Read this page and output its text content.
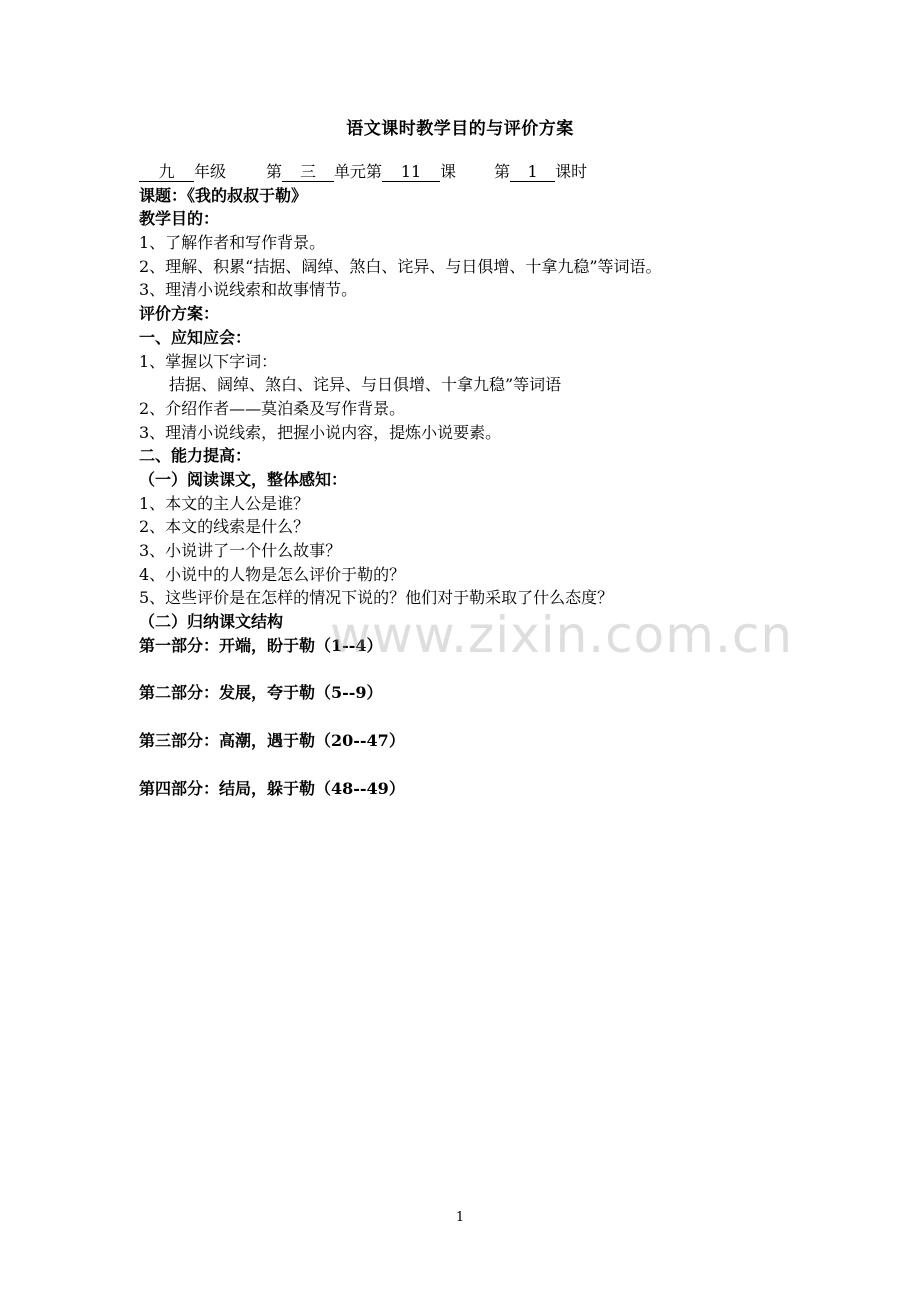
语文课时教学目的与评价方案
九 年级	第 三 单元第 11 课 第 1 课时
课题：《我的叔叔于勒》
教学目的：
1、了解作者和写作背景。
2、理解、积累“拮据、阔绰、煞白、诧异、与日俱增、十拿九稳”等词语。
3、理清小说线索和故事情节。
评价方案：
一、应知应会：
1、掌握以下字词：
拮据、阔绰、煞白、诧异、与日俱增、十拿九稳”等词语
2、介绍作者——莫泊桑及写作背景。
3、理清小说线索，把握小说内容，提炼小说要素。
二、能力提高：
（一）阅读课文，整体感知：
1、本文的主人公是谁？
2、本文的线索是什么？
3、小说讲了一个什么故事？
4、小说中的人物是怎么评价于勒的？
5、这些评价是在怎样的情况下说的？他们对于勒采取了什么态度？
（二）归纳课文结构
第一部分：开端，盼于勒（1--4）
第二部分：发展，夸于勒（5--9）
第三部分：高潮，遇于勒（20--47）
第四部分：结局，躲于勒（48--49）
www.zixin.com.cn
1
